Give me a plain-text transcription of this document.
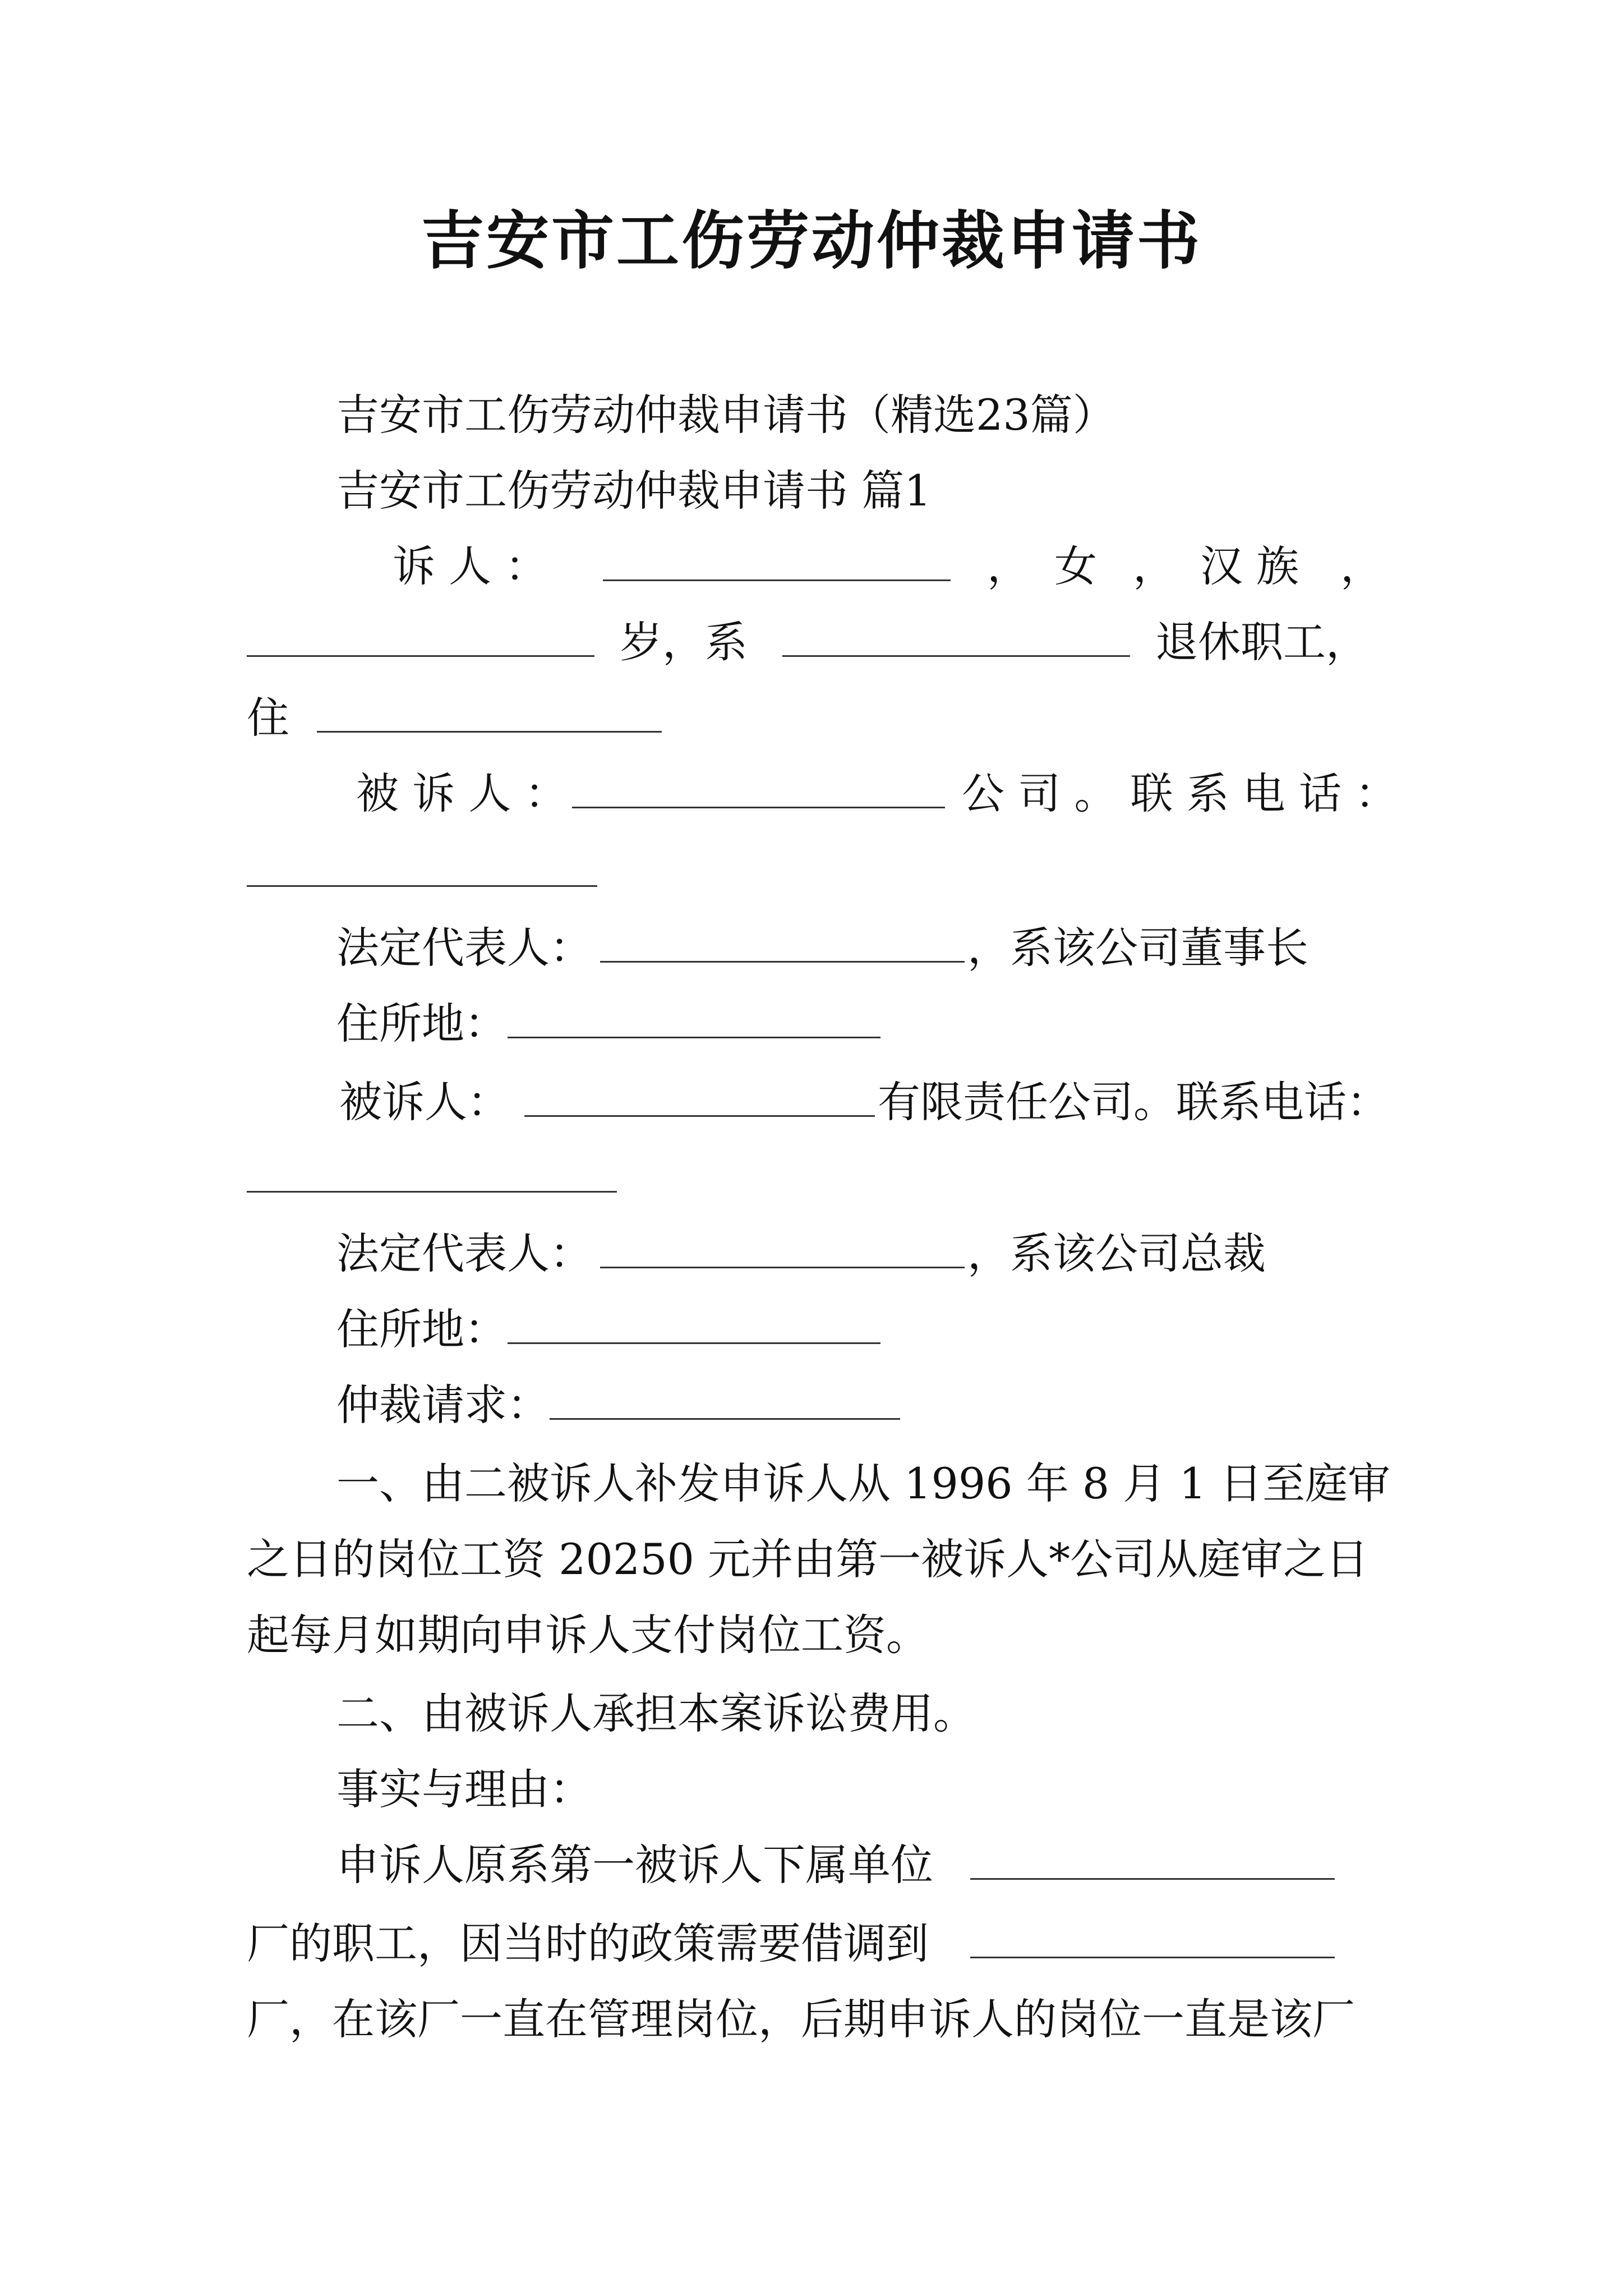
吉安市工伤劳动仲裁申请书
吉安市工伤劳动仲裁申请书（精选23篇）
吉安市工伤劳动仲裁申请书 篇1
诉 人 ：	， 女 ， 汉 族 ，
岁，系	退休职工，
住
被 诉 人 ：	公 司 。 联 系 电 话 ：
法定代表人：	，系该公司董事长
住所地：
被诉人：	有限责任公司。联系电话：
法定代表人：	，系该公司总裁
住所地：
仲裁请求：
一、由二被诉人补发申诉人从 1996 年 8 月 1 日至庭审
之日的岗位工资 20250 元并由第一被诉人*公司从庭审之日
起每月如期向申诉人支付岗位工资。
二、由被诉人承担本案诉讼费用。
事实与理由：
申诉人原系第一被诉人下属单位
厂的职工，因当时的政策需要借调到
厂，在该厂一直在管理岗位，后期申诉人的岗位一直是该厂
